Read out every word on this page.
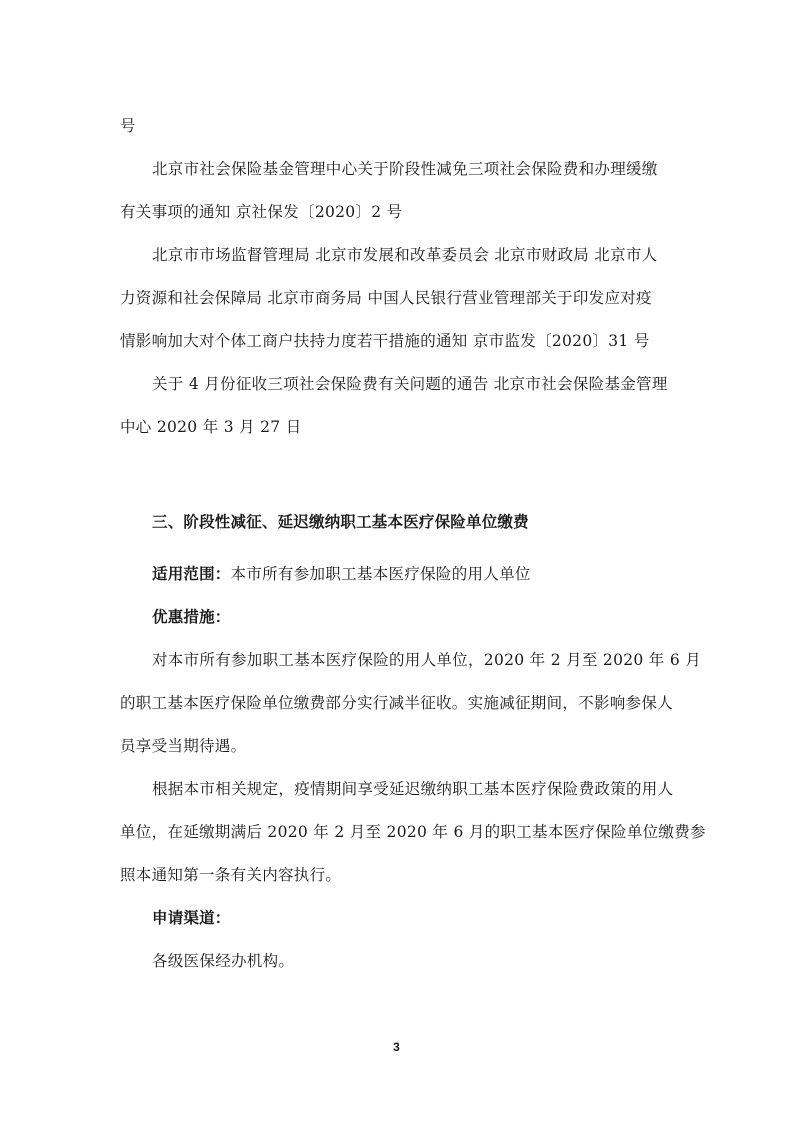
号
北京市社会保险基金管理中心关于阶段性减免三项社会保险费和办理缓缴
有关事项的通知 京社保发〔2020〕2 号
北京市市场监督管理局 北京市发展和改革委员会 北京市财政局 北京市人
力资源和社会保障局 北京市商务局 中国人民银行营业管理部关于印发应对疫
情影响加大对个体工商户扶持力度若干措施的通知 京市监发〔2020〕31 号
关于 4 月份征收三项社会保险费有关问题的通告 北京市社会保险基金管理
中心 2020 年 3 月 27 日
三、阶段性减征、延迟缴纳职工基本医疗保险单位缴费
适用范围：本市所有参加职工基本医疗保险的用人单位
优惠措施：
对本市所有参加职工基本医疗保险的用人单位，2020 年 2 月至 2020 年 6 月
的职工基本医疗保险单位缴费部分实行减半征收。实施减征期间，不影响参保人
员享受当期待遇。
根据本市相关规定，疫情期间享受延迟缴纳职工基本医疗保险费政策的用人
单位，在延缴期满后 2020 年 2 月至 2020 年 6 月的职工基本医疗保险单位缴费参
照本通知第一条有关内容执行。
申请渠道：
各级医保经办机构。
3
